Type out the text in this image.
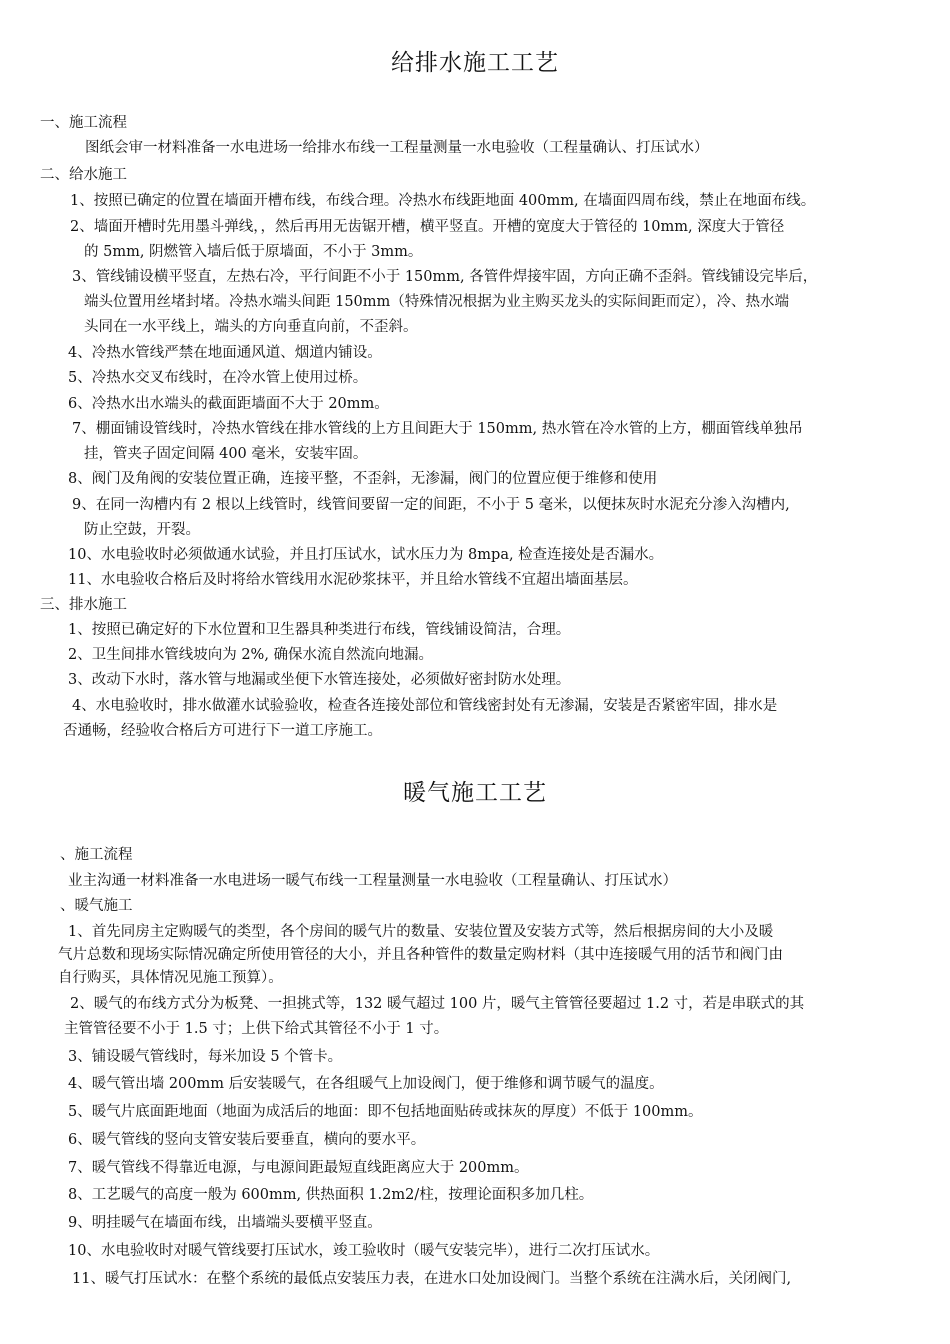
给排水施工工艺

一、施工流程

图纸会审一材料准备一水电进场一给排水布线一工程量测量一水电验收（工程量确认、打压试水）

二、给水施工

1、按照已确定的位置在墙面开槽布线，布线合理。冷热水布线距地面 400mm, 在墙面四周布线，禁止在地面布线。

2、墙面开槽时先用墨斗弹线，，然后再用无齿锯开槽，横平竖直。开槽的宽度大于管径的 10mm, 深度大于管径

的 5mm, 阴燃管入墙后低于原墙面，不小于 3mm。

3、管线铺设横平竖直，左热右冷，平行间距不小于 150mm, 各管件焊接牢固，方向正确不歪斜。管线铺设完毕后，

端头位置用丝堵封堵。冷热水端头间距 150mm（特殊情况根据为业主购买龙头的实际间距而定），冷、热水端

头同在一水平线上，端头的方向垂直向前，不歪斜。

4、冷热水管线严禁在地面通风道、烟道内铺设。

5、冷热水交叉布线时，在冷水管上使用过桥。

6、冷热水出水端头的截面距墙面不大于 20mm。

7、棚面铺设管线时，冷热水管线在排水管线的上方且间距大于 150mm, 热水管在冷水管的上方，棚面管线单独吊

挂，管夹子固定间隔 400 毫米，安装牢固。

8、阀门及角阀的安装位置正确，连接平整，不歪斜，无渗漏，阀门的位置应便于维修和使用

9、在同一沟槽内有 2 根以上线管时，线管间要留一定的间距，不小于 5 毫米，以便抹灰时水泥充分渗入沟槽内,

防止空鼓，开裂。

10、水电验收时必须做通水试验，并且打压试水，试水压力为 8mpa, 检查连接处是否漏水。

11、水电验收合格后及时将给水管线用水泥砂浆抹平，并且给水管线不宜超出墙面基层。

三、排水施工

1、按照已确定好的下水位置和卫生器具种类进行布线，管线铺设简洁，合理。

2、卫生间排水管线坡向为 2%, 确保水流自然流向地漏。

3、改动下水时，落水管与地漏或坐便下水管连接处，必须做好密封防水处理。

4、水电验收时，排水做灌水试验验收，检查各连接处部位和管线密封处有无渗漏，安装是否紧密牢固，排水是

否通畅，经验收合格后方可进行下一道工序施工。

暖气施工工艺

、施工流程

业主沟通一材料准备一水电进场一暖气布线一工程量测量一水电验收（工程量确认、打压试水）

、暖气施工

1、首先同房主定购暖气的类型，各个房间的暖气片的数量、安装位置及安装方式等，然后根据房间的大小及暖

气片总数和现场实际情况确定所使用管径的大小，并且各种管件的数量定购材料（其中连接暖气用的活节和阀门由

自行购买，具体情况见施工预算）。

2、暖气的布线方式分为板凳、一担挑式等，132 暖气超过 100 片，暖气主管管径要超过 1.2 寸，若是串联式的其

主管管径要不小于 1.5 寸；上供下给式其管径不小于 1 寸。

3、铺设暖气管线时，每米加设 5 个管卡。

4、暖气管出墙 200mm 后安装暖气，在各组暖气上加设阀门，便于维修和调节暖气的温度。

5、暖气片底面距地面（地面为成活后的地面：即不包括地面贴砖或抹灰的厚度）不低于 100mm。

6、暖气管线的竖向支管安装后要垂直，横向的要水平。

7、暖气管线不得靠近电源，与电源间距最短直线距离应大于 200mm。

8、工艺暖气的高度一般为 600mm, 供热面积 1.2m2/柱，按理论面积多加几柱。

9、明挂暖气在墙面布线，出墙端头要横平竖直。

10、水电验收时对暖气管线要打压试水，竣工验收时（暖气安装完毕），进行二次打压试水。

11、暖气打压试水：在整个系统的最低点安装压力表，在进水口处加设阀门。当整个系统在注满水后，关闭阀门,
